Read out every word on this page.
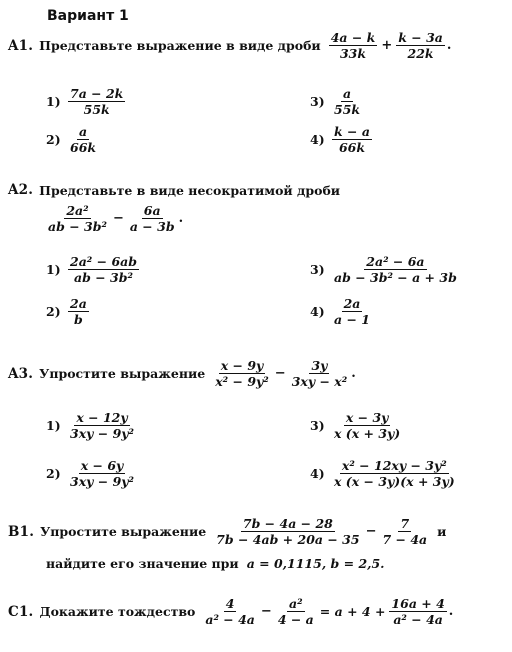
Вариант 1
A1. Представьте выражение в виде дроби $\frac{4a - k}{33k} + \frac{k - 3a}{22k}$ .
$1) \frac{7a - 2k}{55k}$
$2) \frac{a}{66k}$
$3) \frac{a}{55k}$
$4) \frac{k - a}{66k}$
A2. Представьте в виде несократимой дроби
$\frac{\text{2a²}}{\text{ab − 3b²}} - \frac{6a}{a - 3b}$ .
$1) \frac{\text{2a² − 6ab}}{\text{ab − 3b²}}$
$2) \frac{2a}{b}$
$3) \frac{\text{2a² − 6a}}{\text{ab − 3b² − a + 3b}}$
$4) \frac{2a}{a - 1}$
A3. Упростите выражение $\frac{x - 9y}{\text{x² − 9y²}} - \frac{3y}{\text{3xy − x²}}$ .
$1) \frac{x - 12y}{\text{3xy − 9y²}}$
$2) \frac{x - 6y}{\text{3xy − 9y²}}$
$3) \frac{x - 3y}{x (x + 3y)}$
$4) \frac{\text{x² − 12xy − 3y²}}{x (x - 3y)(x + 3y)}$
B1. Упростите выражение $\frac{7b - 4a - 28}{7b - 4ab + 20a - 35} - \frac{7}{7 - 4a}$ и
найдите его значение при a = 0,1115, b = 2,5.
C1. Докажите тождество $\frac{4}{\text{a² − 4a}} - \frac{\text{a²}}{4 - a} = a + 4 + \frac{16a + 4}{\text{a² − 4a}}$ .
